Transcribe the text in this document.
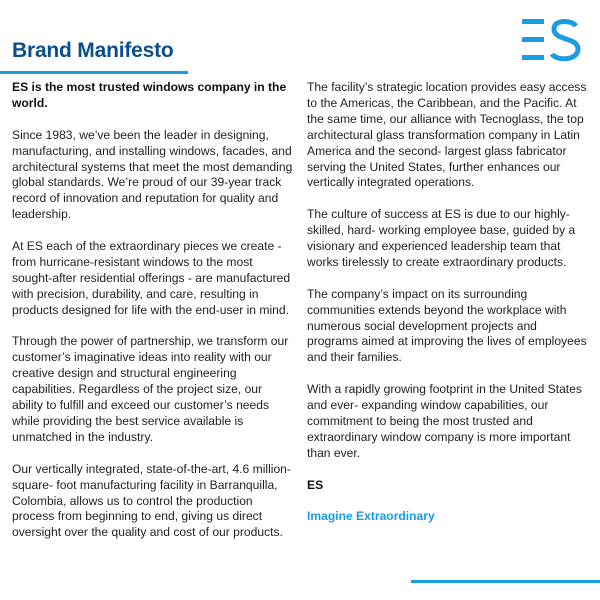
Brand Manifesto

ES is the most trusted windows company in the world.

Since 1983, we’ve been the leader in designing, manufacturing, and installing windows, facades, and architectural systems that meet the most demanding global standards. We’re proud of our 39-year track record of innovation and reputation for quality and leadership.

At ES each of the extraordinary pieces we create - from hurricane-resistant windows to the most sought-after residential offerings - are manufactured with precision, durability, and care, resulting in products designed for life with the end-user in mind.

Through the power of partnership, we transform our customer’s imaginative ideas into reality with our creative design and structural engineering capabilities. Regardless of the project size, our ability to fulfill and exceed our customer’s needs while providing the best service available is unmatched in the industry.

Our vertically integrated, state-of-the-art, 4.6 million-square- foot manufacturing facility in Barranquilla, Colombia, allows us to control the production process from beginning to end, giving us direct oversight over the quality and cost of our products.

The facility’s strategic location provides easy access to the Americas, the Caribbean, and the Pacific. At the same time, our alliance with Tecnoglass, the top architectural glass transformation company in Latin America and the second- largest glass fabricator serving the United States, further enhances our vertically integrated operations.

The culture of success at ES is due to our highly-skilled, hard- working employee base, guided by a visionary and experienced leadership team that works tirelessly to create extraordinary products.

The company’s impact on its surrounding communities extends beyond the workplace with numerous social development projects and programs aimed at improving the lives of employees and their families.

With a rapidly growing footprint in the United States and ever- expanding window capabilities, our commitment to being the most trusted and extraordinary window company is more important than ever.

ES

Imagine Extraordinary
